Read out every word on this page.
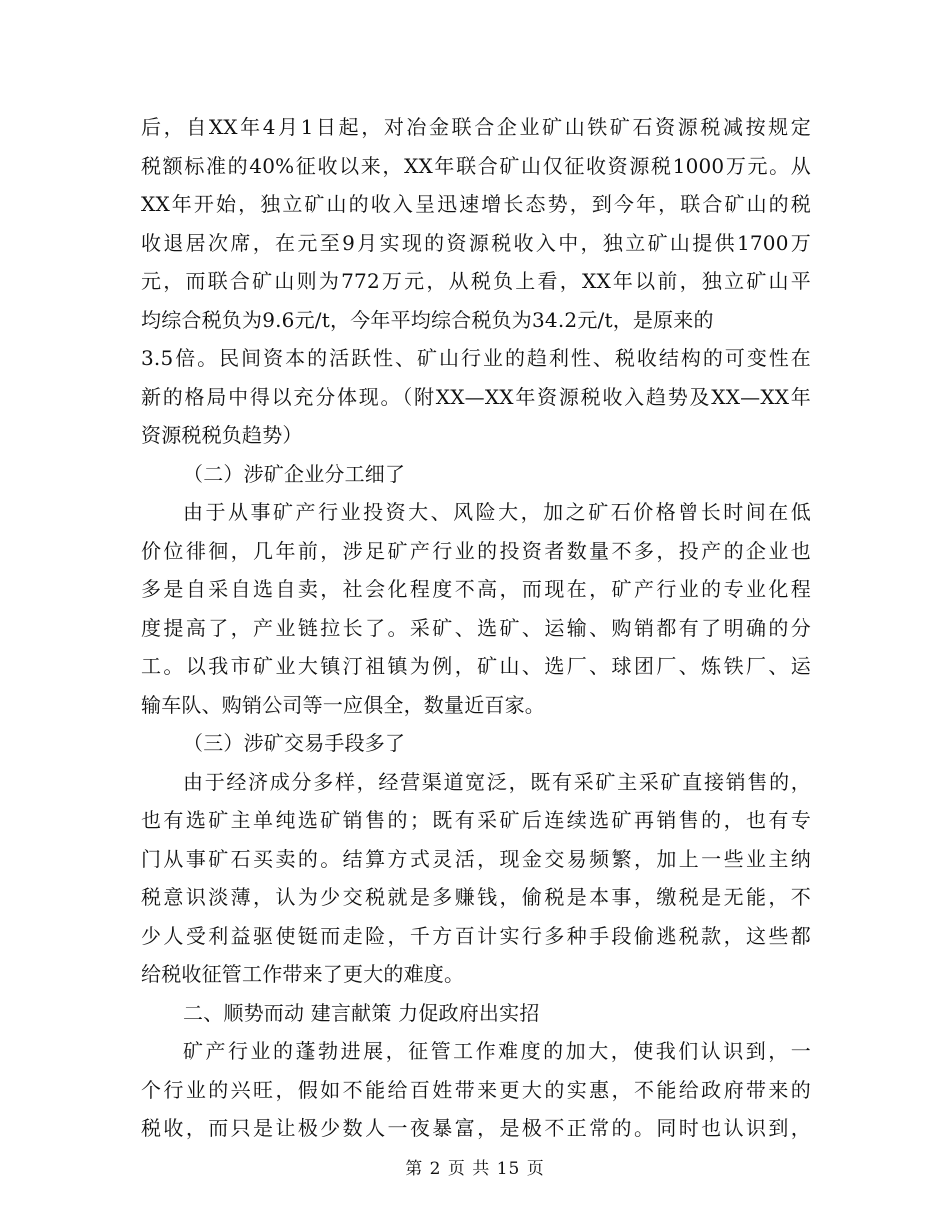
后，自XX年4月1日起，对冶金联合企业矿山铁矿石资源税减按规定
税额标准的40%征收以来，XX年联合矿山仅征收资源税1000万元。从
XX年开始，独立矿山的收入呈迅速增长态势，到今年，联合矿山的税
收退居次席，在元至9月实现的资源税收入中，独立矿山提供1700万
元，而联合矿山则为772万元，从税负上看，XX年以前，独立矿山平
均综合税负为9.6元/t，今年平均综合税负为34.2元/t，是原来的
3.5倍。民间资本的活跃性、矿山行业的趋利性、税收结构的可变性在
新的格局中得以充分体现。（附XX—XX年资源税收入趋势及XX—XX年
资源税税负趋势）
（二）涉矿企业分工细了
由于从事矿产行业投资大、风险大，加之矿石价格曾长时间在低
价位徘徊，几年前，涉足矿产行业的投资者数量不多，投产的企业也
多是自采自选自卖，社会化程度不高，而现在，矿产行业的专业化程
度提高了，产业链拉长了。采矿、选矿、运输、购销都有了明确的分
工。以我市矿业大镇汀祖镇为例，矿山、选厂、球团厂、炼铁厂、运
输车队、购销公司等一应俱全，数量近百家。
（三）涉矿交易手段多了
由于经济成分多样，经营渠道宽泛，既有采矿主采矿直接销售的，
也有选矿主单纯选矿销售的；既有采矿后连续选矿再销售的，也有专
门从事矿石买卖的。结算方式灵活，现金交易频繁，加上一些业主纳
税意识淡薄，认为少交税就是多赚钱，偷税是本事，缴税是无能，不
少人受利益驱使铤而走险，千方百计实行多种手段偷逃税款，这些都
给税收征管工作带来了更大的难度。
二、顺势而动 建言献策 力促政府出实招
矿产行业的蓬勃进展，征管工作难度的加大，使我们认识到，一
个行业的兴旺，假如不能给百姓带来更大的实惠，不能给政府带来的
税收，而只是让极少数人一夜暴富，是极不正常的。同时也认识到，
第 2 页 共 15 页
